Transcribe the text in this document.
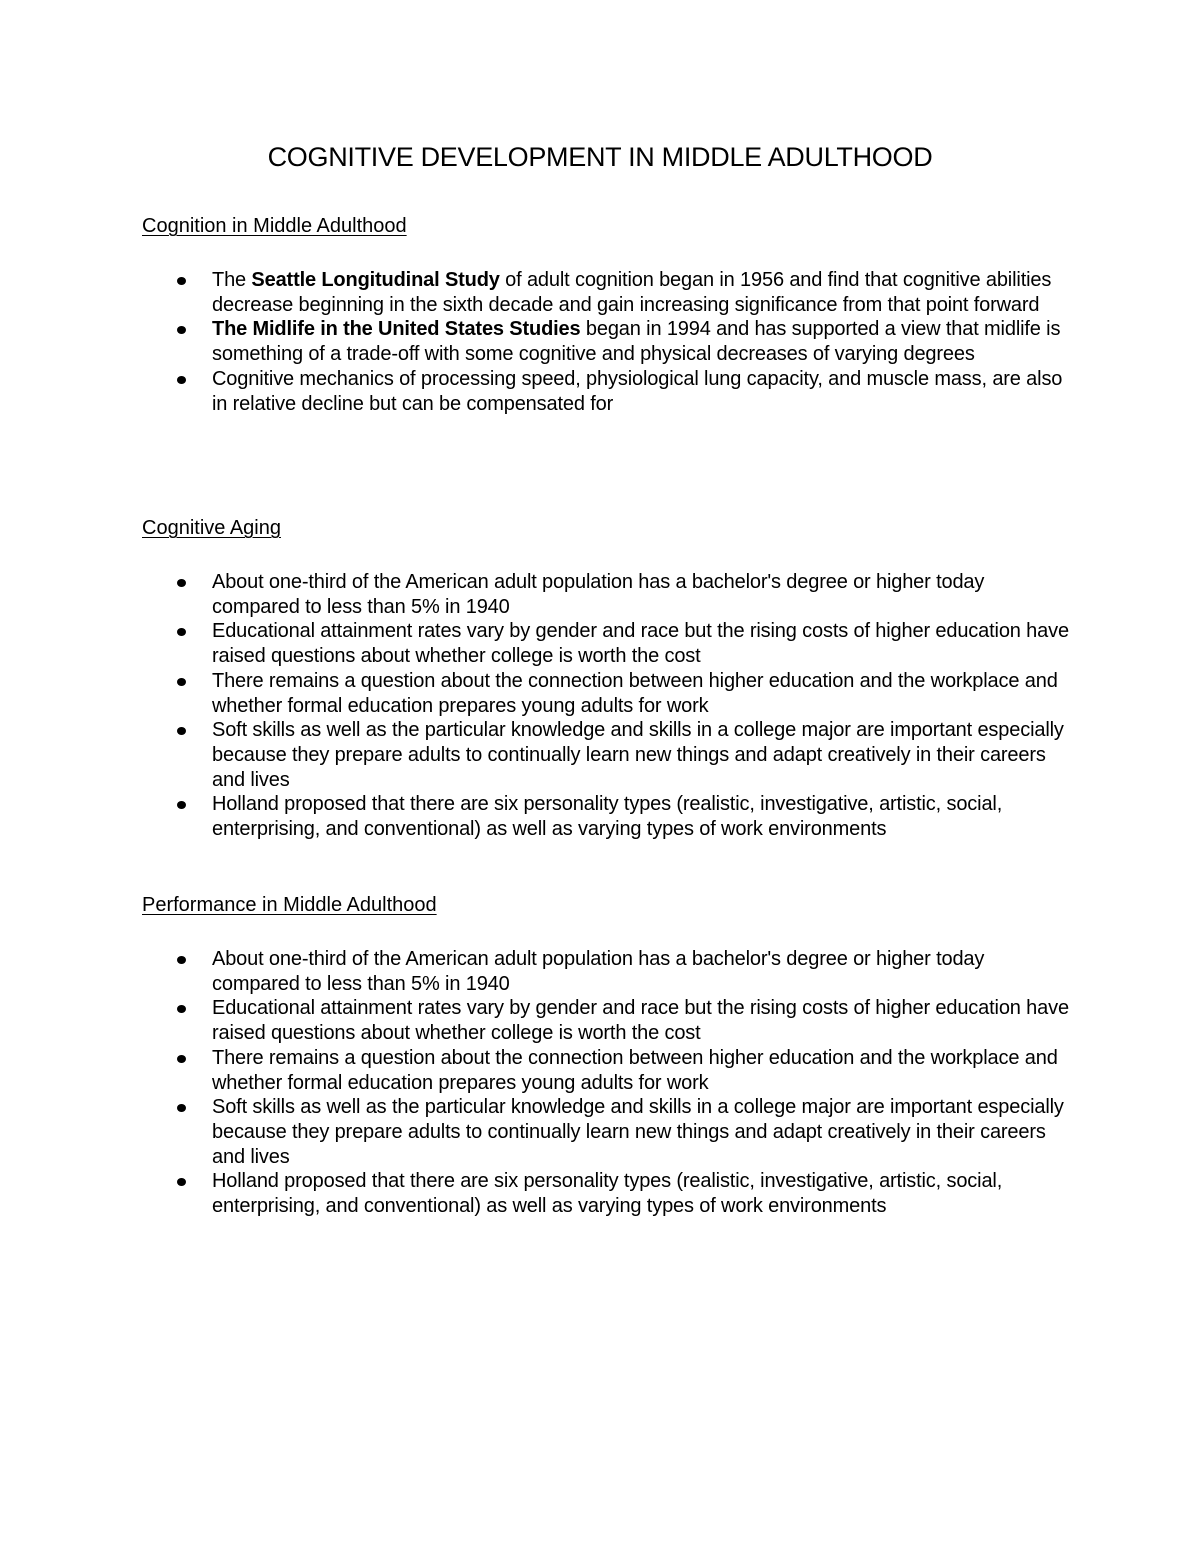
COGNITIVE DEVELOPMENT IN MIDDLE ADULTHOOD
Cognition in Middle Adulthood
The Seattle Longitudinal Study of adult cognition began in 1956 and find that cognitive abilities decrease beginning in the sixth decade and gain increasing significance from that point forward
The Midlife in the United States Studies began in 1994 and has supported a view that midlife is something of a trade-off with some cognitive and physical decreases of varying degrees
Cognitive mechanics of processing speed, physiological lung capacity, and muscle mass, are also in relative decline but can be compensated for
Cognitive Aging
About one-third of the American adult population has a bachelor's degree or higher today compared to less than 5% in 1940
Educational attainment rates vary by gender and race but the rising costs of higher education have raised questions about whether college is worth the cost
There remains a question about the connection between higher education and the workplace and whether formal education prepares young adults for work
Soft skills as well as the particular knowledge and skills in a college major are important especially because they prepare adults to continually learn new things and adapt creatively in their careers and lives
Holland proposed that there are six personality types (realistic, investigative, artistic, social, enterprising, and conventional) as well as varying types of work environments
Performance in Middle Adulthood
About one-third of the American adult population has a bachelor's degree or higher today compared to less than 5% in 1940
Educational attainment rates vary by gender and race but the rising costs of higher education have raised questions about whether college is worth the cost
There remains a question about the connection between higher education and the workplace and whether formal education prepares young adults for work
Soft skills as well as the particular knowledge and skills in a college major are important especially because they prepare adults to continually learn new things and adapt creatively in their careers and lives
Holland proposed that there are six personality types (realistic, investigative, artistic, social, enterprising, and conventional) as well as varying types of work environments
